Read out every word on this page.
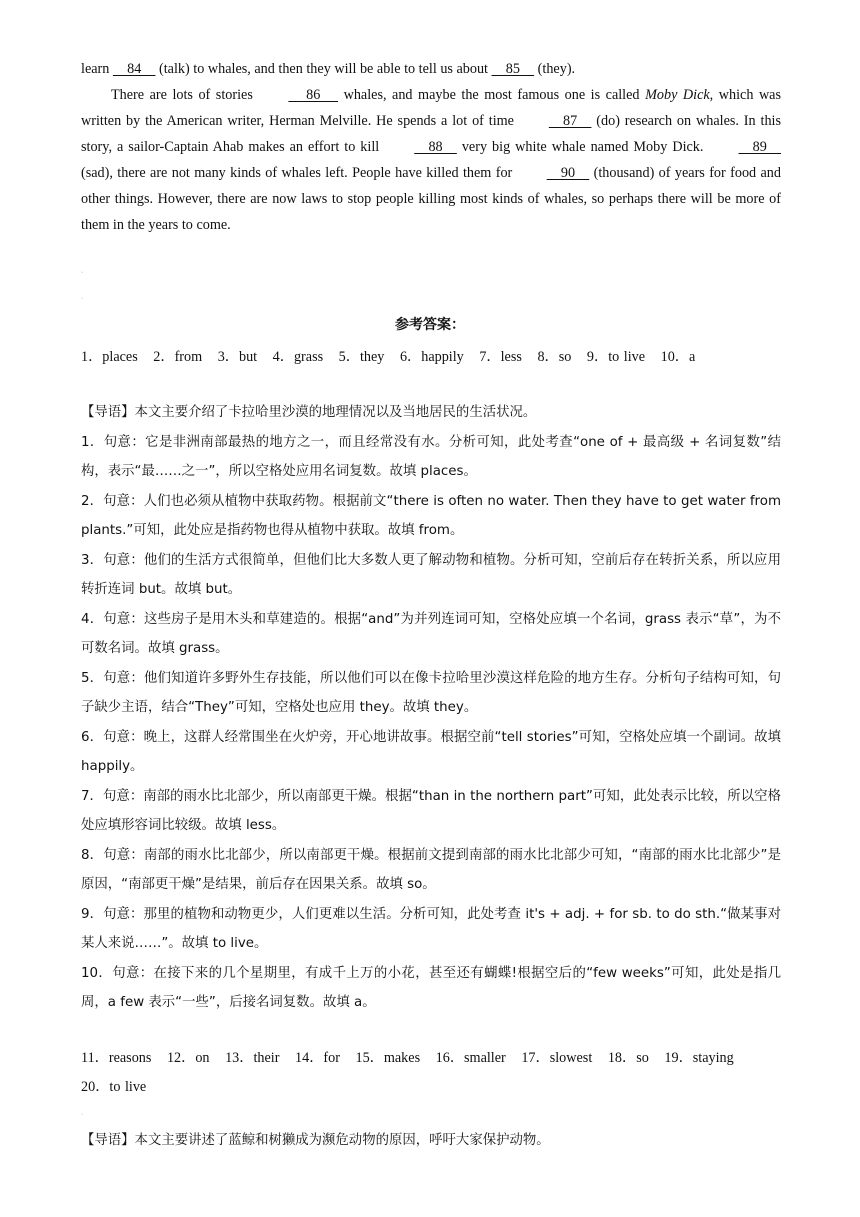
learn     84     (talk) to whales, and then they will be able to tell us about     85     (they).

There are lots of stories	86      whales, and maybe the most famous one is called Moby Dick, which was written by the American writer, Herman Melville. He spends a lot of time     87     (do) research on whales. In this story, a sailor-Captain Ahab makes an effort to kill     88     very big white whale named Moby Dick.     89     (sad), there are not many kinds of whales left. People have killed them for     90     (thousand) of years for food and other things. However, there are now laws to stop people killing most kinds of whales, so perhaps there will be more of them in the years to come.

·
·
参考答案：
1．places 2．from 3．but 4．grass 5．they 6．happily 7．less 8．so 9．to live 10．a

【导语】本文主要介绍了卡拉哈里沙漠的地理情况以及当地居民的生活状况。

1．句意：它是非洲南部最热的地方之一，而且经常没有水。分析可知，此处考查“one of + 最高级 + 名词复数”结构，表示“最……之一”，所以空格处应用名词复数。故填 places。

2．句意：人们也必须从植物中获取药物。根据前文“there is often no water. Then they have to get water from plants.”可知，此处应是指药物也得从植物中获取。故填 from。

3．句意：他们的生活方式很简单，但他们比大多数人更了解动物和植物。分析可知，空前后存在转折关系，所以应用转折连词 but。故填 but。

4．句意：这些房子是用木头和草建造的。根据“and”为并列连词可知，空格处应填一个名词，grass 表示“草”，为不可数名词。故填 grass。

5．句意：他们知道许多野外生存技能，所以他们可以在像卡拉哈里沙漠这样危险的地方生存。分析句子结构可知，句子缺少主语，结合“They”可知，空格处也应用 they。故填 they。

6．句意：晚上，这群人经常围坐在火炉旁，开心地讲故事。根据空前“tell stories”可知，空格处应填一个副词。故填 happily。

7．句意：南部的雨水比北部少，所以南部更干燥。根据“than in the northern part”可知，此处表示比较，所以空格处应填形容词比较级。故填 less。

8．句意：南部的雨水比北部少，所以南部更干燥。根据前文提到南部的雨水比北部少可知，“南部的雨水比北部少”是原因，“南部更干燥”是结果，前后存在因果关系。故填 so。

9．句意：那里的植物和动物更少，人们更难以生活。分析可知，此处考查 it's + adj. + for sb. to do sth.“做某事对某人来说……”。故填 to live。

10．句意：在接下来的几个星期里，有成千上万的小花，甚至还有蝴蝶!根据空后的“few weeks”可知，此处是指几周，a few 表示“一些”，后接名词复数。故填 a。

11．reasons 12．on 13．their 14．for 15．makes 16．smaller 17．slowest 18．so 19．staying 20．to live
·

【导语】本文主要讲述了蓝鲸和树獭成为濒危动物的原因，呼吁大家保护动物。
